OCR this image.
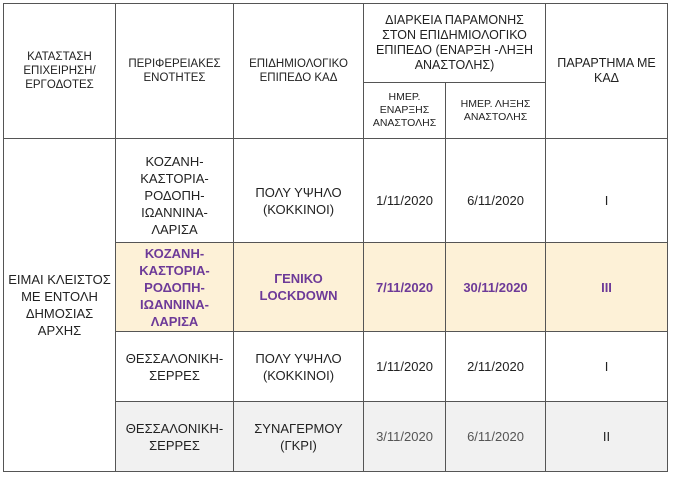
ΚΑΤΑΣΤΑΣΗ ΕΠΙΧΕΙΡΗΣΗ/ ΕΡΓΟΔΟΤΕΣ	ΠΕΡΙΦΕΡΕΙΑΚΕΣ ΕΝΟΤΗΤΕΣ	ΕΠΙΔΗΜΙΟΛΟΓΙΚΟ ΕΠΙΠΕΔΟ ΚΑΔ	ΔΙΑΡΚΕΙΑ ΠΑΡΑΜΟΝΗΣ ΣΤΟΝ ΕΠΙΔΗΜΙΟΛΟΓΙΚΟ ΕΠΙΠΕΔΟ (ΕΝΑΡΞΗ -ΛΗΞΗ ΑΝΑΣΤΟΛΗΣ)		ΠΑΡΑΡΤΗΜΑ ΜΕ ΚΑΔ
			ΗΜΕΡ. ΕΝΑΡΞΗΣ ΑΝΑΣΤΟΛΗΣ	ΗΜΕΡ. ΛΗΞΗΣ ΑΝΑΣΤΟΛΗΣ	
ΕΙΜΑΙ ΚΛΕΙΣΤΟΣ ΜΕ ΕΝΤΟΛΗ ΔΗΜΟΣΙΑΣ ΑΡΧΗΣ	ΚΟΖΑΝΗ-ΚΑΣΤΟΡΙΑ-ΡΟΔΟΠΗ-ΙΩΑΝΝΙΝΑ-ΛΑΡΙΣΑ	ΠΟΛΥ ΥΨΗΛΟ (ΚΟΚΚΙΝΟΙ)	1/11/2020	6/11/2020	I
	ΚΟΖΑΝΗ-ΚΑΣΤΟΡΙΑ-ΡΟΔΟΠΗ-ΙΩΑΝΝΙΝΑ-ΛΑΡΙΣΑ	ΓΕΝΙΚΟ LOCKDOWN	7/11/2020	30/11/2020	III
	ΘΕΣΣΑΛΟΝΙΚΗ-ΣΕΡΡΕΣ	ΠΟΛΥ ΥΨΗΛΟ (ΚΟΚΚΙΝΟΙ)	1/11/2020	2/11/2020	I
	ΘΕΣΣΑΛΟΝΙΚΗ-ΣΕΡΡΕΣ	ΣΥΝΑΓΕΡΜΟΥ (ΓΚΡΙ)	3/11/2020	6/11/2020	II
